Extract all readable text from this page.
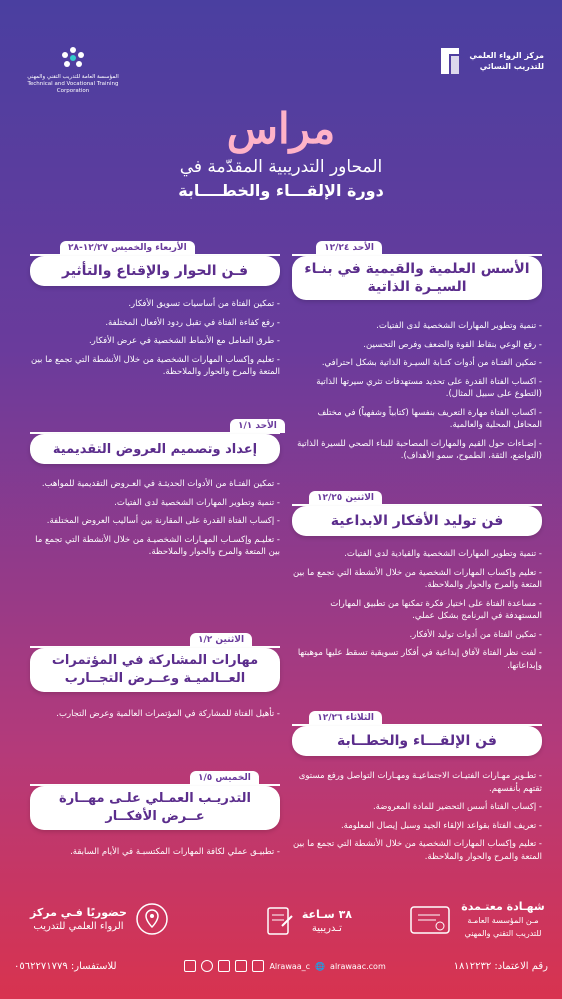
مركز الرواء العلمي
للتدريب النسائي
المؤسسة العامة للتدريب التقني والمهني
Technical and Vocational Training Corporation
مراس
المحاور التدريبية المقدّمة في
دورة الإلقـــاء والخطــــابة
الأحد ١٢/٢٤
الأسس العلمية والقيمية في بنـاء السيـرة الذاتية

- تنمية وتطوير المهارات الشخصية لدى الفتيات.

- رفع الوعي بنقاط القوة والضعف وفرص التحسين.

- تمكين الفتـاة من أدوات كتـابة السيـرة الذاتية بشكل احترافي.

- اكساب الفتاة القدرة على تحديد مستهدفات تثري سيرتها الذاتية (التطوع على سبيل المثال).

- اكساب الفتاة مهارة التعريف بنفسها (كتابياً وشفهياً) في مختلف المحافل المحلية والعالمية.

- إضـاءات حول القيم والمهارات المصاحبة للبناء الصحي للسيرة الذاتية (التواضع، الثقة، الطموح، سمو الأهداف).

الاثنين ١٢/٢٥
فن توليد الأفكار الابداعية

- تنمية وتطوير المهارات الشخصية والقيادية لدى الفتيات.

- تعليم وإكساب المهارات الشخصية من خلال الأنشطة التي تجمع ما بين المتعة والمرح والحوار والملاحظة.

- مساعدة الفتاة على اختيار فكرة تمكنها من تطبيق المهارات المستهدفة في البرنامج بشكل عملي.

- تمكين الفتاة من أدوات توليد الأفكار.

- لفت نظر الفتاة لآفاق إبداعية في أفكار تسويقية تسقط عليها موهبتها وإبداعاتها.

الثلاثاء ١٢/٢٦
فن الإلقـــاء والخطــابة

- تطـوير مهـارات الفتيـات الاجتماعيـة ومهـارات التواصل ورفع مستوى ثقتهم بأنفسهم.

- إكساب الفتاة أسس التحضير للمادة المعروضة.

- تعريف الفتاة بقواعد الإلقاء الجيد وسبل إيصال المعلومة.

- تعليم وإكساب المهارات الشخصية من خلال الأنشطة التي تجمع ما بين المتعة والمرح والحوار والملاحظة.

الأربعاء والخميس ١٢/٢٧-٢٨
فـن الحوار والإقناع والتأثير

- تمكين الفتاة من أساسيات تسويق الأفكار.

- رفع كفاءة الفتاة في تقبل ردود الأفعال المختلفة.

- طرق التعامل مع الأنماط الشخصية في عرض الأفكار.

- تعليم وإكساب المهارات الشخصية من خلال الأنشطة التي تجمع ما بين المتعة والمرح والحوار والملاحظة.

الأحد ١/١
إعداد وتصميم العروض التقديمية

- تمكين الفتـاة من الأدوات الحديثـة في العـروض التقديمية للمواهب.

- تنمية وتطوير المهارات الشخصية لدى الفتيات.

- إكساب الفتاة القدرة على المقارنة بين أساليب العروض المختلفة.

- تعليـم وإكسـاب المهـارات الشخصيـة من خلال الأنشطة التي تجمع ما بين المتعة والمرح والحوار والملاحظة.

الاثنين ١/٢
مهارات المشاركة في المؤتمرات العــالميـة وعــرض التجــارب

- تأهيل الفتاة للمشاركة في المؤتمرات العالمية وعرض التجارب.

الخميس ١/٥
التدريـب العمـلي علـى مهــارة عــرض الأفكــار

- تطبيـق عملي لكافة المهارات المكتسبـة في الأيام السابقة.

شهـادة معتـمدة
مـن المؤسسة العامـة للتدريب التقني والمهني
٣٨ سـاعة
تـدريبية
حضوريًا فـي مركز
الرواء العلمي للتدريب
رقم الاعتماد: ١٨١٢٢٣٢
Alrawaa_c 🌐 alrawaac.com
للاستفسار: ٠٥٦٢٢٧١٧٧٩
